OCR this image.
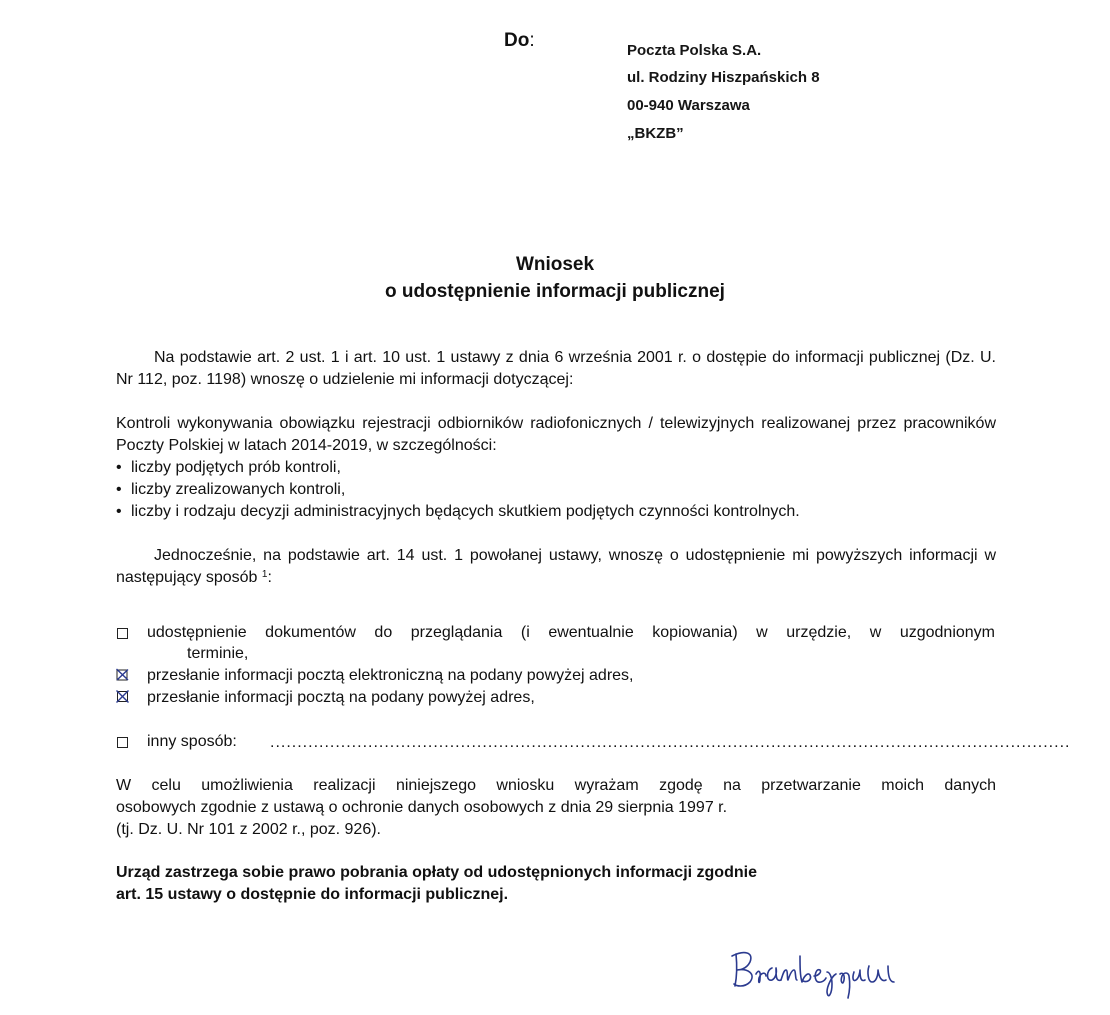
Do:	Poczta Polska S.A.
ul. Rodziny Hiszpańskich 8
00-940 Warszawa
„BKZB”
Wniosek
o udostępnienie informacji publicznej
Na podstawie art. 2 ust. 1 i art. 10 ust. 1 ustawy z dnia 6 września 2001 r. o dostępie do informacji publicznej (Dz. U. Nr 112, poz. 1198) wnoszę o udzielenie mi informacji dotyczącej:
Kontroli wykonywania obowiązku rejestracji odbiorników radiofonicznych / telewizyjnych realizowanej przez pracowników Poczty Polskiej w latach 2014-2019, w szczególności:
• liczby podjętych prób kontroli,
• liczby zrealizowanych kontroli,
• liczby i rodzaju decyzji administracyjnych będących skutkiem podjętych czynności kontrolnych.
Jednocześnie, na podstawie art. 14 ust. 1 powołanej ustawy, wnoszę o udostępnienie mi powyższych informacji w następujący sposób $^1$:
udostępnienie dokumentów do przeglądania (i ewentualnie kopiowania) w urzędzie, w uzgodnionym
terminie,
przesłanie informacji pocztą elektroniczną na podany powyżej adres,
przesłanie informacji pocztą na podany powyżej adres,
inny sposób: ...................................................................................................................................................
W celu umożliwienia realizacji niniejszego wniosku wyrażam zgodę na przetwarzanie moich danych
osobowych zgodnie z ustawą o ochronie danych osobowych z dnia 29 sierpnia 1997 r.
(tj. Dz. U. Nr 101 z 2002 r., poz. 926).
Urząd zastrzega sobie prawo pobrania opłaty od udostępnionych informacji zgodnie
art. 15 ustawy o dostępnie do informacji publicznej.
